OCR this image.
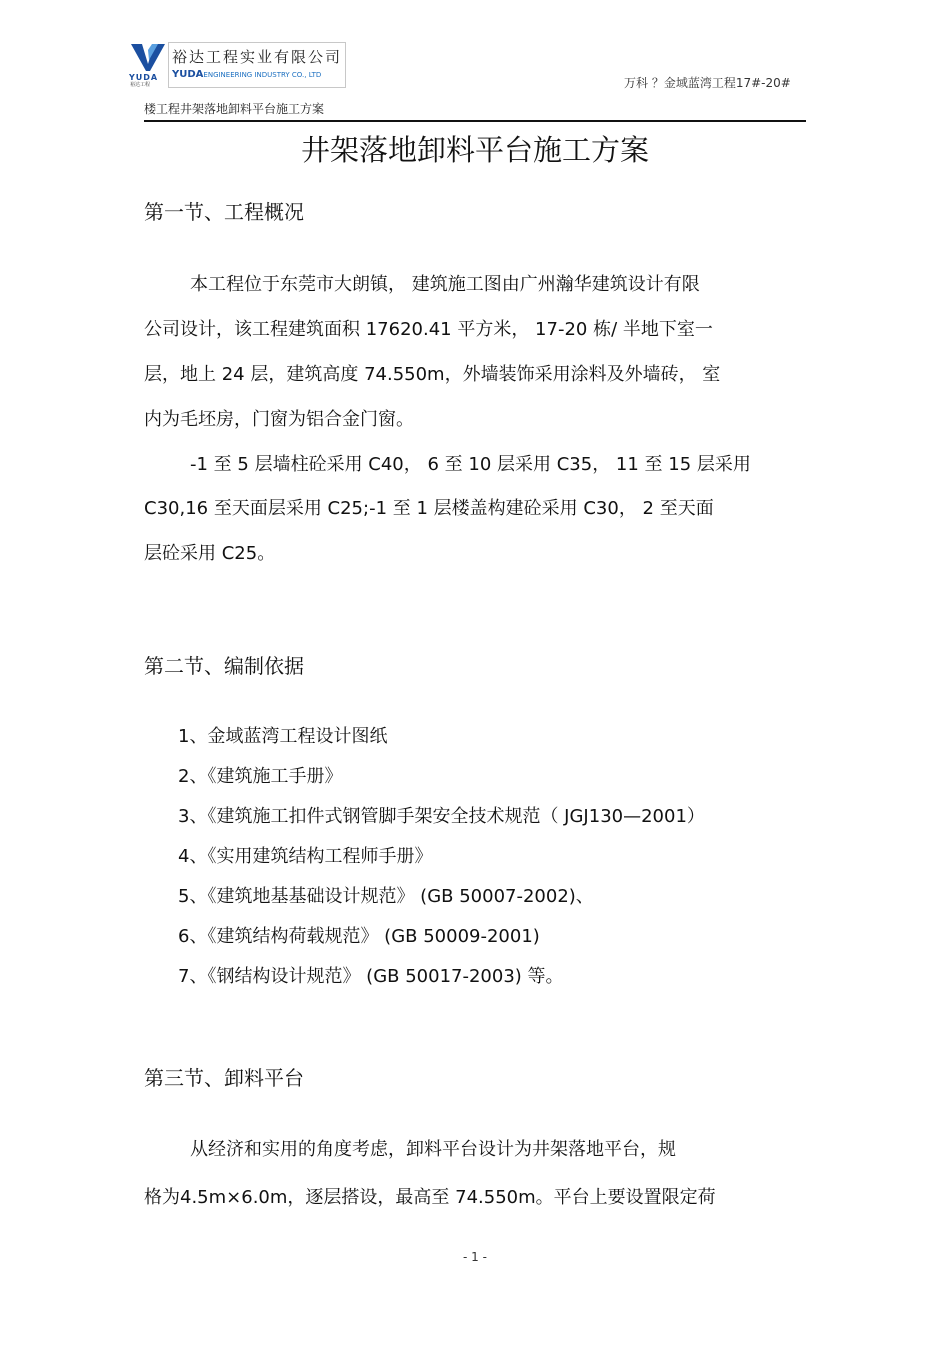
YUDA
裕达工程
裕达工程实业有限公司
YUDAENGINEERING INDUSTRY CO., LTD
万科 ？金域蓝湾工程17#-20#
楼工程井架落地卸料平台施工方案
井架落地卸料平台施工方案
第一节、工程概况
本工程位于东莞市大朗镇， 建筑施工图由广州瀚华建筑设计有限
公司设计，该工程建筑面积 17620.41 平方米， 17-20 栋/ 半地下室一
层，地上 24 层，建筑高度 74.550m，外墙装饰采用涂料及外墙砖， 室
内为毛坯房，门窗为铝合金门窗。
-1 至 5 层墙柱砼采用 C40， 6 至 10 层采用 C35， 11 至 15 层采用
C30,16 至天面层采用 C25;-1 至 1 层楼盖构建砼采用 C30， 2 至天面
层砼采用 C25。
第二节、编制依据
1、金域蓝湾工程设计图纸
2、《建筑施工手册》
3、《建筑施工扣件式钢管脚手架安全技术规范（ JGJ130—2001）
4、《实用建筑结构工程师手册》
5、《建筑地基基础设计规范》 (GB 50007-2002)、
6、《建筑结构荷载规范》 (GB 50009-2001)
7、《钢结构设计规范》 (GB 50017-2003) 等。
第三节、卸料平台
从经济和实用的角度考虑，卸料平台设计为井架落地平台，规
格为4.5m×6.0m，逐层搭设，最高至 74.550m。平台上要设置限定荷
- 1 -
